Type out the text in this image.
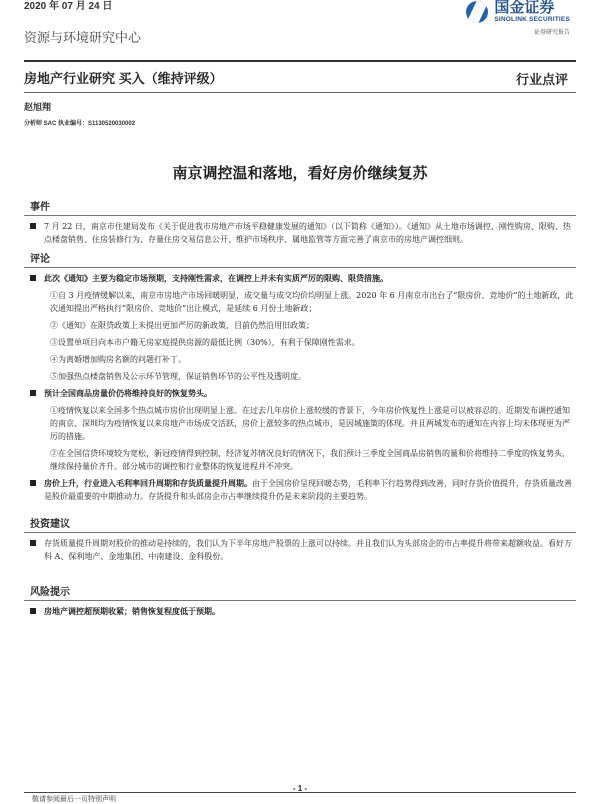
2020 年 07 月 24 日	国金证券
SINOLINK SECURITIES
证券研究报告
资源与环境研究中心
房地产行业研究 买入（维持评级）	行业点评
赵旭翔
分析师 SAC 执业编号：S1130520030002
南京调控温和落地，看好房价继续复苏
事件
7 月 22 日，南京市住建局发布《关于促进我市房地产市场平稳健康发展的通知》（以下简称《通知》）。《通知》从土地市场调控、刚性购房、限购、热点楼盘销售、住房装修行为、存量住房交易信息公开、维护市场秩序、属地监管等方面完善了南京市的房地产调控细则。
评论
此次《通知》主要为稳定市场预期，支持刚性需求，在调控上并未有实质严厉的限购、限贷措施。
①自 3 月疫情缓解以来，南京市房地产市场回暖明显，成交量与成交均价均明显上涨。2020 年 6 月南京市出台了“限房价、竞地价”的土地新政，此次通知提出严格执行“限房价、竞地价”出让模式，是延续 6 月份土地新政；
②《通知》在限贷政策上未提出更加严厉的新政策，目前仍然沿用旧政策；
③设置单项目向本市户籍无房家庭提供房源的最低比例（30%），有利于保障刚性需求。
④为离婚增加购房名额的问题打补丁。
⑤加强热点楼盘销售及公示环节管理，保证销售环节的公平性及透明度。
预计全国商品房量价仍将维持良好的恢复势头。
①疫情恢复以来全国多个热点城市房价出现明显上涨。在过去几年房价上涨较缓的背景下，今年房价恢复性上涨是可以被容忍的。近期发布调控通知的南京、深圳均为疫情恢复以来房地产市场成交活跃，房价上涨较多的热点城市，是因城施策的体现。并且两城发布的通知在内容上均未体现更为严厉的措施。
②在全国信贷环境较为宽松，新冠疫情得到控制，经济复苏情况良好的情况下，我们预计三季度全国商品房销售的量和价将维持二季度的恢复势头，继续保持量价齐升。部分城市的调控和行业整体的恢复进程并不冲突。
房价上升，行业进入毛利率回升周期和存货质量提升周期。由于全国房价呈现回暖态势，毛利率下行趋势得到改善，同时存货价值提升，存货质量改善是股价最重要的中期推动力。存货提升和头部房企市占率继续提升仍是未来阶段的主要趋势。
投资建议
存货质量提升周期对股价的推动是持续的，我们认为下半年房地产股票的上涨可以持续。并且我们认为头部房企的市占率提升将带来超额收益。看好万科 A、保利地产、金地集团、中南建设、金科股份。
风险提示
房地产调控超预期收紧；销售恢复程度低于预期。
- 1 -
敬请参阅最后一页特别声明
